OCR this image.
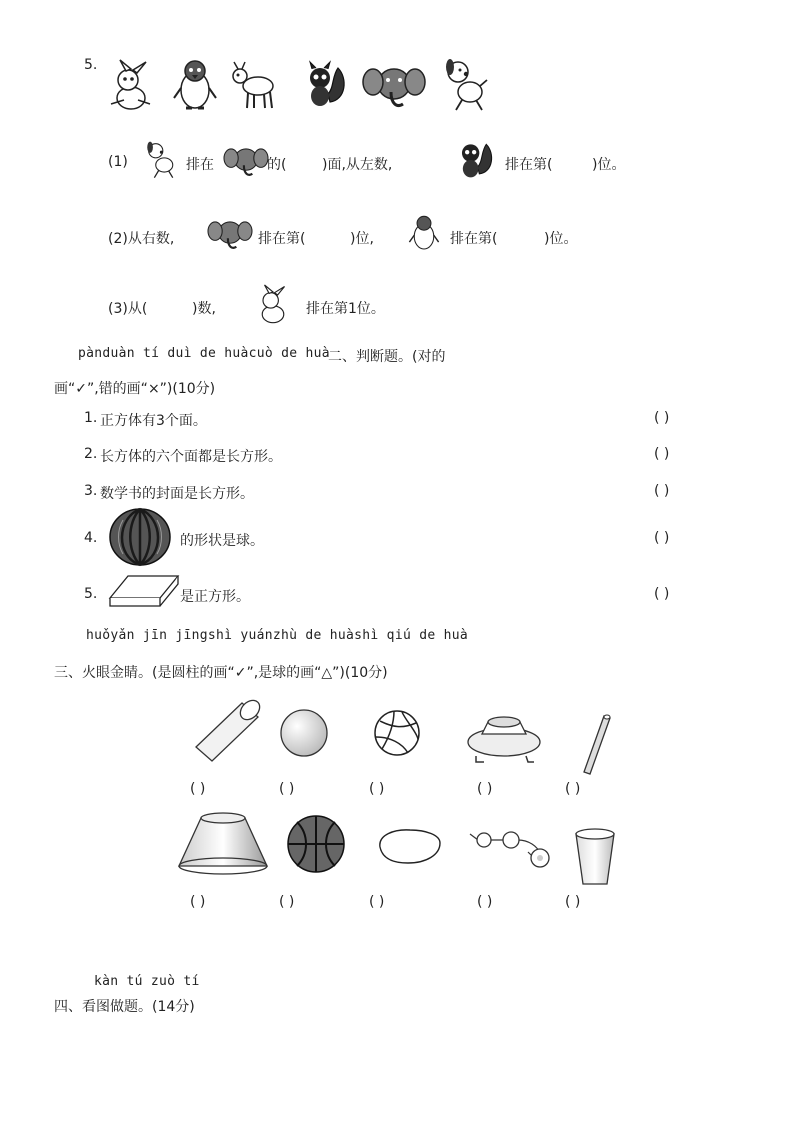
5.
(1)	排在	的(	)面,从左数,	排在第(	)位。
(2)从右数,	排在第(	)位,	排在第(	)位。
(3)从(	)数,	排在第1位。
pànduàn tí duì de huàcuò de huà
二、判断题。(对的
画“✓”,错的画“×”)(10分)
1. 正方体有3个面。	( )
2. 长方体的六个面都是长方形。	( )
3. 数学书的封面是长方形。	( )
4.	的形状是球。	( )
5.	是正方形。	( )
huǒyǎn jīn jīngshì yuánzhù de huàshì qiú de huà
三、火眼金睛。(是圆柱的画“✓”,是球的画“△”)(10分)
( )	( )	( )	( )	( )
( )	( )	( )	( )	( )
kàn tú zuò tí
四、看图做题。(14分)
